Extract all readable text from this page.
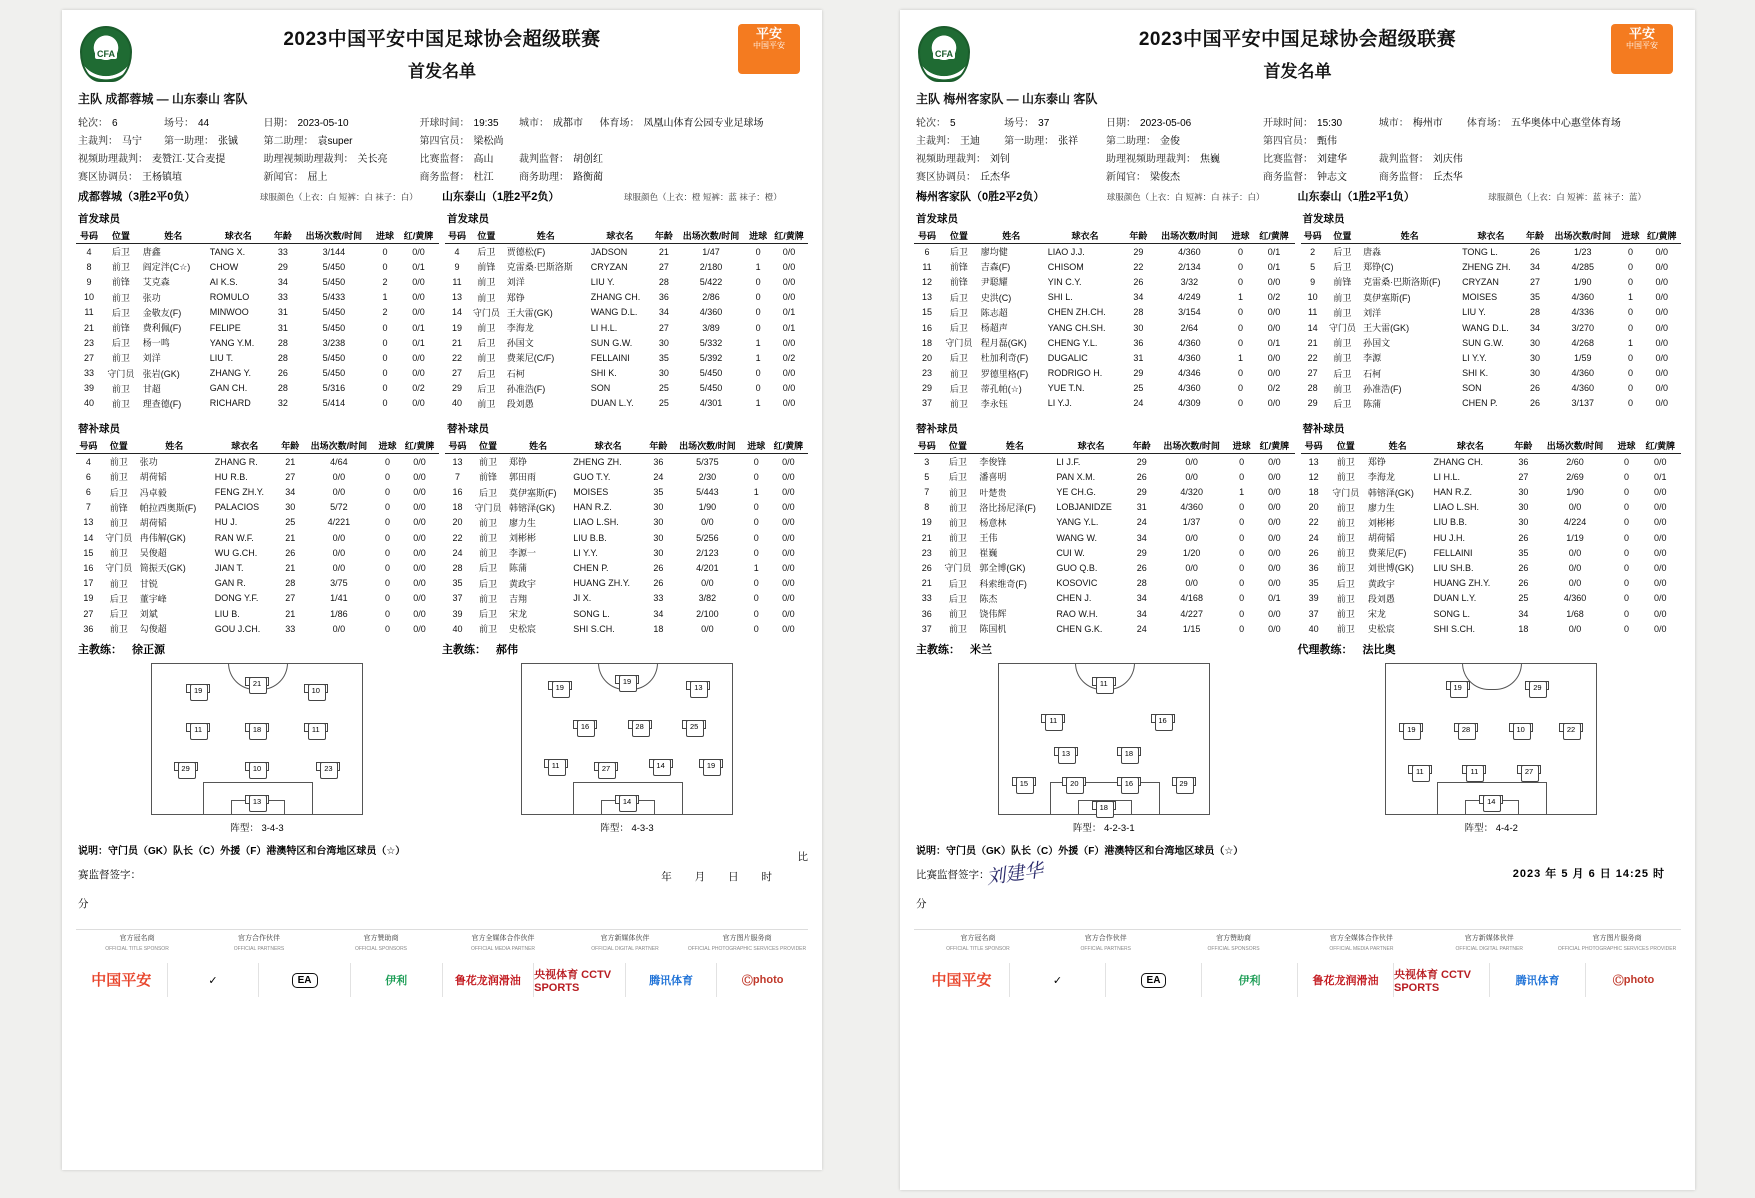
CFA
2023中国平安中国足球协会超级联赛
首发名单
平安
中国平安
主队 成都蓉城 — 山东泰山 客队
轮次： 6	场号： 44	日期： 2023-05-10	开球时间： 19:35	城市： 成都市	体育场： 凤凰山体育公园专业足球场
主裁判： 马宁	第一助理： 张铖	第二助理： 袁super	第四官员： 梁松尚		
视频助理裁判： 麦赞江·艾合麦提		助理视频助理裁判： 关长亮	比赛监督： 高山	裁判监督： 胡创红	
赛区协调员： 王杨镇埴		新闻官： 屈上	商务监督： 杜江	商务助理： 路衡蔺	
成都蓉城（3胜2平0负）	球服颜色（上衣：白 短裤：白 袜子：白）	山东泰山（1胜2平2负）	球服颜色（上衣：橙 短裤：蓝 袜子：橙）
首发球员
号码	位置	姓名	球衣名	年龄	出场次数/时间	进球	红/黄牌
4	后卫	唐鑫	TANG X.	33	3/144	0	0/0
8	前卫	阎定泮(C☆)	CHOW	29	5/450	0	0/1
9	前锋	艾克森	AI K.S.	34	5/450	2	0/0
10	前卫	张功	ROMULO	33	5/433	1	0/0
11	后卫	金敬友(F)	MINWOO	31	5/450	2	0/0
21	前锋	费利佩(F)	FELIPE	31	5/450	0	0/1
23	后卫	杨一鸣	YANG Y.M.	28	3/238	0	0/1
27	前卫	刘洋	LIU T.	28	5/450	0	0/0
33	守门员	张岩(GK)	ZHANG Y.	26	5/450	0	0/0
39	前卫	甘超	GAN CH.	28	5/316	0	0/2
40	前卫	理查德(F)	RICHARD	32	5/414	0	0/0
替补球员
号码	位置	姓名	球衣名	年龄	出场次数/时间	进球	红/黄牌
4	前卫	张功	ZHANG R.	21	4/64	0	0/0
6	前卫	胡荷韬	HU R.B.	27	0/0	0	0/0
6	后卫	冯卓毅	FENG ZH.Y.	34	0/0	0	0/0
7	前锋	帕拉西奥斯(F)	PALACIOS	30	5/72	0	0/0
13	前卫	胡荷韬	HU J.	25	4/221	0	0/0
14	守门员	冉伟解(GK)	RAN W.F.	21	0/0	0	0/0
15	前卫	吴俊超	WU G.CH.	26	0/0	0	0/0
16	守门员	简振天(GK)	JIAN T.	21	0/0	0	0/0
17	前卫	甘锐	GAN R.	28	3/75	0	0/0
19	后卫	董宇峰	DONG Y.F.	27	1/41	0	0/0
27	后卫	刘斌	LIU B.	21	1/86	0	0/0
36	前卫	勾俊超	GOU J.CH.	33	0/0	0	0/0
首发球员
号码	位置	姓名	球衣名	年龄	出场次数/时间	进球	红/黄牌
4	后卫	贾德松(F)	JADSON	21	1/47	0	0/0
9	前锋	克雷桑·巴斯洛斯	CRYZAN	27	2/180	1	0/0
11	前卫	刘洋	LIU Y.	28	5/422	0	0/0
13	前卫	郑铮	ZHANG CH.	36	2/86	0	0/0
14	守门员	王大雷(GK)	WANG D.L.	34	4/360	0	0/1
19	前卫	李海龙	LI H.L.	27	3/89	0	0/1
21	后卫	孙国文	SUN G.W.	30	5/332	1	0/0
22	前卫	费莱尼(C/F)	FELLAINI	35	5/392	1	0/2
27	后卫	石柯	SHI K.	30	5/450	0	0/0
29	后卫	孙准浩(F)	SON	25	5/450	0	0/0
40	前卫	段刘愚	DUAN L.Y.	25	4/301	1	0/0
替补球员
号码	位置	姓名	球衣名	年龄	出场次数/时间	进球	红/黄牌
13	前卫	郑铮	ZHENG ZH.	36	5/375	0	0/0
7	前锋	郭田雨	GUO T.Y.	24	2/30	0	0/0
16	后卫	莫伊塞斯(F)	MOISES	35	5/443	1	0/0
18	守门员	韩镕泽(GK)	HAN R.Z.	30	1/90	0	0/0
20	前卫	廖力生	LIAO L.SH.	30	0/0	0	0/0
22	前卫	刘彬彬	LIU B.B.	30	5/256	0	0/0
24	前卫	李源一	LI Y.Y.	30	2/123	0	0/0
28	后卫	陈蒲	CHEN P.	26	4/201	1	0/0
35	后卫	黄政宇	HUANG ZH.Y.	26	0/0	0	0/0
37	前卫	吉翔	JI X.	33	3/82	0	0/0
39	后卫	宋龙	SONG L.	34	2/100	0	0/0
40	前卫	史松宸	SHI S.CH.	18	0/0	0	0/0
主教练： 徐正源	主教练： 郝伟
19
21
10
11	18	11
29	10	23
13
阵型： 3-4-3
19
19
13
16	28	25
11	27	14	19
14
阵型： 4-3-3
说明：守门员（GK）队长（C）外援（F）港澳特区和台湾地区球员（☆）	比
赛监督签字：
分
年 月 日 时
官方冠名商
OFFICIAL TITLE SPONSOR
官方合作伙伴
OFFICIAL PARTNERS
官方赞助商
OFFICIAL SPONSORS
官方全媒体合作伙伴
OFFICIAL MEDIA PARTNER
官方新媒体伙伴
OFFICIAL DIGITAL PARTNER
官方图片服务商
OFFICIAL PHOTOGRAPHIC SERVICES PROVIDER
中国平安	✓	EA	伊利	鲁花龙润滑油 央视体育 CCTV SPORTS
腾讯体育	Ⓒ photo
CFA
2023中国平安中国足球协会超级联赛
首发名单
平安
中国平安
主队 梅州客家队 — 山东泰山 客队
轮次： 5	场号： 37	日期： 2023-05-06	开球时间： 15:30	城市： 梅州市	体育场： 五华奥体中心惠堂体育场
主裁判： 王迪	第一助理： 张祥	第二助理： 金俊	第四官员： 甄伟		
视频助理裁判： 刘钊		助理视频助理裁判： 焦巍	比赛监督： 刘建华	裁判监督： 刘庆伟	
赛区协调员： 丘杰华		新闻官： 梁俊杰	商务监督： 钟志文	商务监督： 丘杰华	
梅州客家队（0胜2平2负）	球服颜色（上衣：白 短裤：白 袜子：白）	山东泰山（1胜2平1负）	球服颜色（上衣：白 短裤：蓝 袜子：蓝）
首发球员
号码	位置	姓名	球衣名	年龄	出场次数/时间	进球	红/黄牌
6	后卫	廖均健	LIAO J.J.	29	4/360	0	0/1
11	前锋	吉森(F)	CHISOM	22	2/134	0	0/1
12	前锋	尹聪耀	YIN C.Y.	26	3/32	0	0/0
13	后卫	史洪(C)	SHI L.	34	4/249	1	0/2
15	后卫	陈志超	CHEN ZH.CH.	28	3/154	0	0/0
16	后卫	杨超声	YANG CH.SH.	30	2/64	0	0/0
18	守门员	程月磊(GK)	CHENG Y.L.	36	4/360	0	0/1
20	后卫	杜加利奇(F)	DUGALIC	31	4/360	1	0/0
23	前卫	罗德里格(F)	RODRIGO H.	29	4/346	0	0/0
29	后卫	蒂孔帕(☆)	YUE T.N.	25	4/360	0	0/2
37	前卫	李永钰	LI Y.J.	24	4/309	0	0/0
替补球员
号码	位置	姓名	球衣名	年龄	出场次数/时间	进球	红/黄牌
3	后卫	李俊锋	LI J.F.	29	0/0	0	0/0
5	后卫	潘喜明	PAN X.M.	26	0/0	0	0/0
7	前卫	叶楚贵	YE CH.G.	29	4/320	1	0/0
8	前卫	洛比扬尼泽(F)	LOBJANIDZE	31	4/360	0	0/0
19	前卫	杨意林	YANG Y.L.	24	1/37	0	0/0
21	前卫	王伟	WANG W.	34	0/0	0	0/0
23	前卫	崔巍	CUI W.	29	1/20	0	0/0
26	守门员	郭全博(GK)	GUO Q.B.	26	0/0	0	0/0
21	后卫	科索维奇(F)	KOSOVIC	28	0/0	0	0/0
33	后卫	陈杰	CHEN J.	34	4/168	0	0/1
36	前卫	饶伟辉	RAO W.H.	34	4/227	0	0/0
37	前卫	陈国机	CHEN G.K.	24	1/15	0	0/0
首发球员
号码	位置	姓名	球衣名	年龄	出场次数/时间	进球	红/黄牌
2	后卫	唐淼	TONG L.	26	1/23	0	0/0
5	后卫	郑铮(C)	ZHENG ZH.	34	4/285	0	0/0
9	前锋	克雷桑·巴斯洛斯(F)	CRYZAN	27	1/90	0	0/0
10	前卫	莫伊塞斯(F)	MOISES	35	4/360	1	0/0
11	前卫	刘洋	LIU Y.	28	4/336	0	0/0
14	守门员	王大雷(GK)	WANG D.L.	34	3/270	0	0/0
21	前卫	孙国文	SUN G.W.	30	4/268	1	0/0
22	前卫	李源	LI Y.Y.	30	1/59	0	0/0
27	后卫	石柯	SHI K.	30	4/360	0	0/0
28	前卫	孙准浩(F)	SON	26	4/360	0	0/0
29	后卫	陈蒲	CHEN P.	26	3/137	0	0/0
替补球员
号码	位置	姓名	球衣名	年龄	出场次数/时间	进球	红/黄牌
13	前卫	郑铮	ZHANG CH.	36	2/60	0	0/0
12	前卫	李海龙	LI H.L.	27	2/69	0	0/1
18	守门员	韩镕泽(GK)	HAN R.Z.	30	1/90	0	0/0
20	前卫	廖力生	LIAO L.SH.	30	0/0	0	0/0
22	前卫	刘彬彬	LIU B.B.	30	4/224	0	0/0
24	前卫	胡荷韬	HU J.H.	26	1/19	0	0/0
26	前卫	费莱尼(F)	FELLAINI	35	0/0	0	0/0
36	前卫	刘世博(GK)	LIU SH.B.	26	0/0	0	0/0
35	后卫	黄政宇	HUANG ZH.Y.	26	0/0	0	0/0
39	前卫	段刘愚	DUAN L.Y.	25	4/360	0	0/0
37	前卫	宋龙	SONG L.	34	1/68	0	0/0
40	前卫	史松宸	SHI S.CH.	18	0/0	0	0/0
主教练： 米兰	代理教练： 法比奥
11
11	16
13	18
15	20	16	29
18
阵型： 4-2-3-1
19	29
19	28	10	22
11	11	27
14
阵型： 4-4-2
说明：守门员（GK）队长（C）外援（F）港澳特区和台湾地区球员（☆）
比赛监督签字：
刘建华
分
2023 年 5 月 6 日 14:25 时
官方冠名商
OFFICIAL TITLE SPONSOR
官方合作伙伴
OFFICIAL PARTNERS
官方赞助商
OFFICIAL SPONSORS
官方全媒体合作伙伴
OFFICIAL MEDIA PARTNER
官方新媒体伙伴
OFFICIAL DIGITAL PARTNER
官方图片服务商
OFFICIAL PHOTOGRAPHIC SERVICES PROVIDER
中国平安	✓	EA	伊利	鲁花龙润滑油 央视体育 CCTV SPORTS
腾讯体育	Ⓒ photo
